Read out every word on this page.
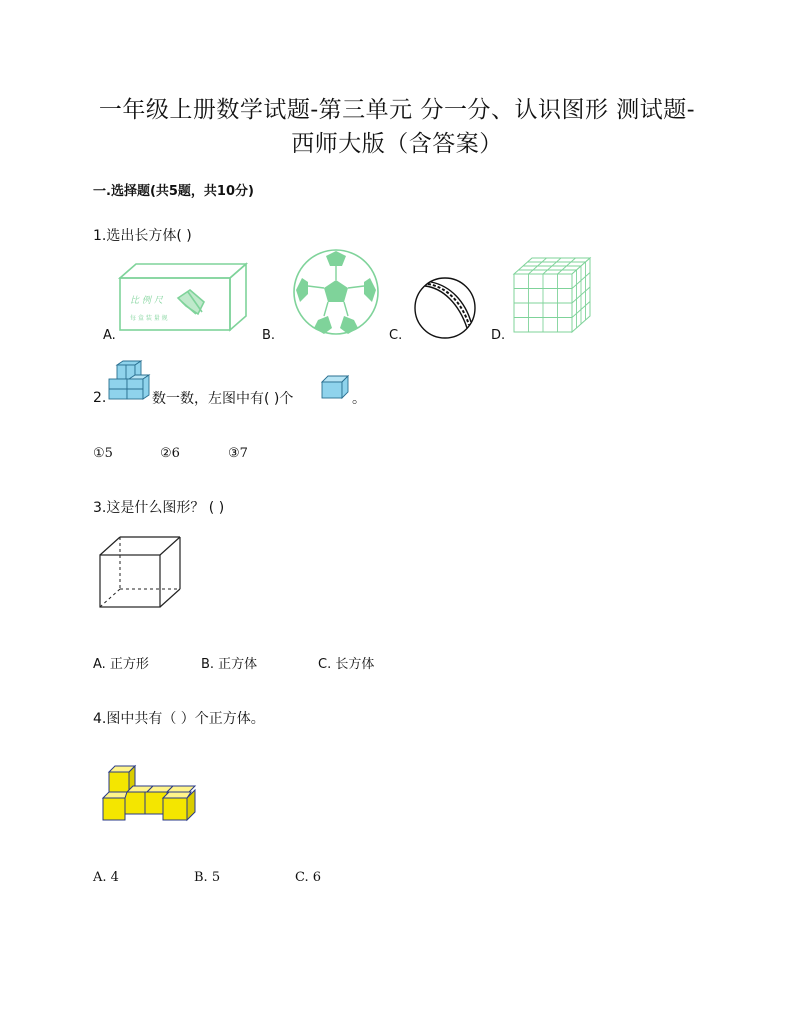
一年级上册数学试题-第三单元 分一分、认识图形 测试题-
西师大版（含答案）
一.选择题(共5题，共10分)
1.选出长方体( )
比 例 尺
每 盒 装 量 规
A.	B.	C.	D.
2.	数一数，左图中有( )个	。
①5	②6	③7
3.这是什么图形？ ( )
A. 正方形	B. 正方体	C. 长方体
4.图中共有（ ）个正方体。
A. 4	B. 5	C. 6
